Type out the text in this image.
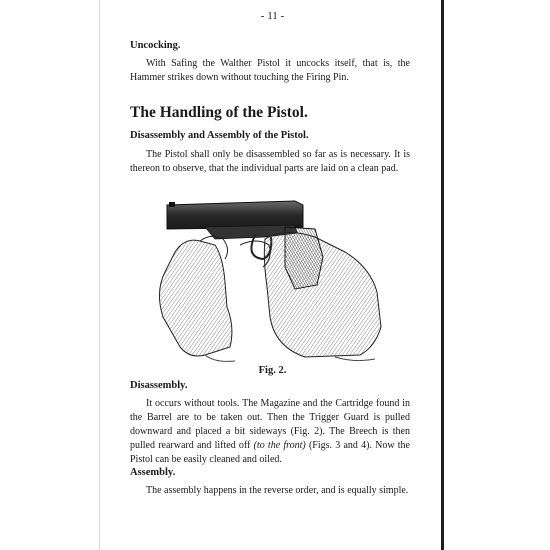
- 11 -
Uncocking.
With Safing the Walther Pistol it uncocks itself, that is, the Hammer strikes down without touching the Firing Pin.
The Handling of the Pistol.
Disassembly and Assembly of the Pistol.
The Pistol shall only be disassembled so far as is necessary. It is thereon to observe, that the individual parts are laid on a clean pad.
Fig. 2.
Disassembly.
It occurs without tools. The Magazine and the Cartridge found in the Barrel are to be taken out. Then the Trigger Guard is pulled downward and placed a bit sideways (Fig. 2). The Breech is then pulled rearward and lifted off (to the front) (Figs. 3 and 4). Now the Pistol can be easily cleaned and oiled.
Assembly.
The assembly happens in the reverse order, and is equally simple.
